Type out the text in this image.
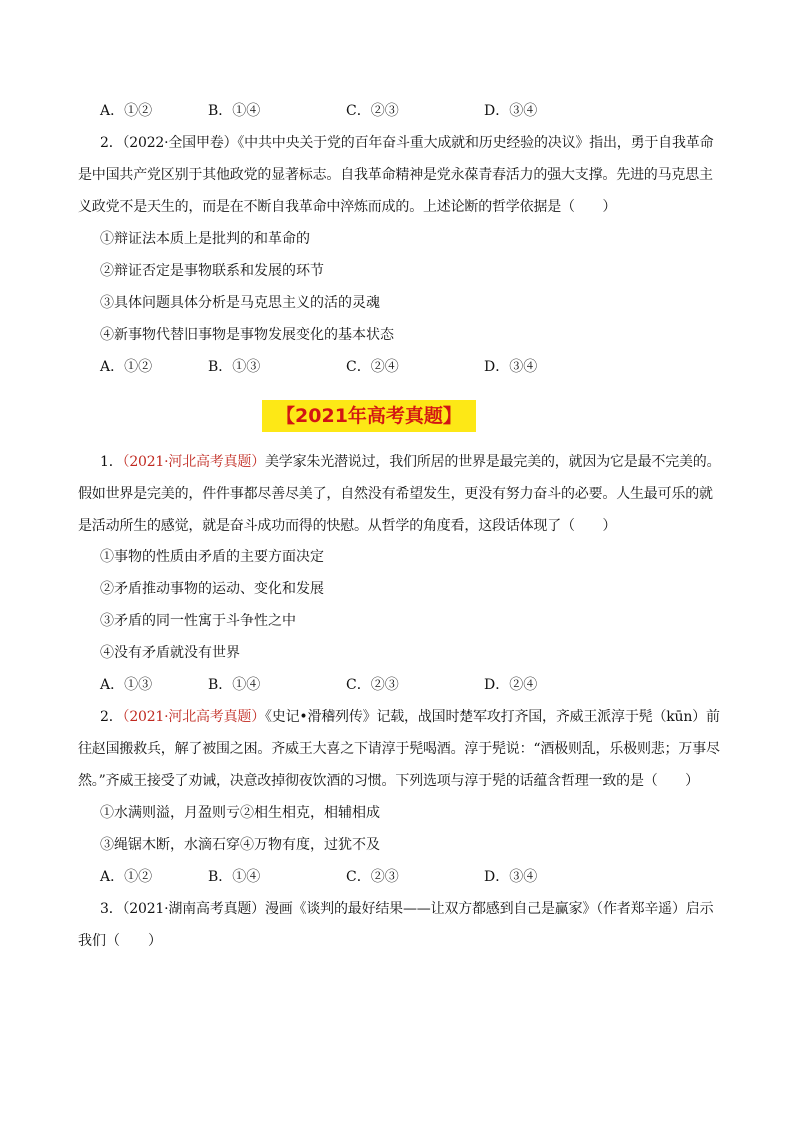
A．①②	B．①④	C．②③	D．③④
2．（2022·全国甲卷）《中共中央关于党的百年奋斗重大成就和历史经验的决议》指出，勇于自我革命
是中国共产党区别于其他政党的显著标志。自我革命精神是党永葆青春活力的强大支撑。先进的马克思主
义政党不是天生的，而是在不断自我革命中淬炼而成的。上述论断的哲学依据是（　　）
①辩证法本质上是批判的和革命的
②辩证否定是事物联系和发展的环节
③具体问题具体分析是马克思主义的活的灵魂
④新事物代替旧事物是事物发展变化的基本状态
A．①②	B．①③	C．②④	D．③④
【2021年高考真题】
1．（2021·河北高考真题）美学家朱光潜说过，我们所居的世界是最完美的，就因为它是最不完美的。
假如世界是完美的，件件事都尽善尽美了，自然没有希望发生，更没有努力奋斗的必要。人生最可乐的就
是活动所生的感觉，就是奋斗成功而得的快慰。从哲学的角度看，这段话体现了（　　）
①事物的性质由矛盾的主要方面决定
②矛盾推动事物的运动、变化和发展
③矛盾的同一性寓于斗争性之中
④没有矛盾就没有世界
A．①③	B．①④	C．②③	D．②④
2．（2021·河北高考真题）《史记•滑稽列传》记载，战国时楚军攻打齐国，齐威王派淳于髡（kūn）前
往赵国搬救兵，解了被围之困。齐威王大喜之下请淳于髡喝酒。淳于髡说：“酒极则乱，乐极则悲；万事尽
然。”齐威王接受了劝诫，决意改掉彻夜饮酒的习惯。下列选项与淳于髡的话蕴含哲理一致的是（　　）
①水满则溢，月盈则亏②相生相克，相辅相成
③绳锯木断，水滴石穿④万物有度，过犹不及
A．①②	B．①④	C．②③	D．③④
3．（2021·湖南高考真题）漫画《谈判的最好结果——让双方都感到自己是赢家》（作者郑辛遥）启示
我们（　　）
